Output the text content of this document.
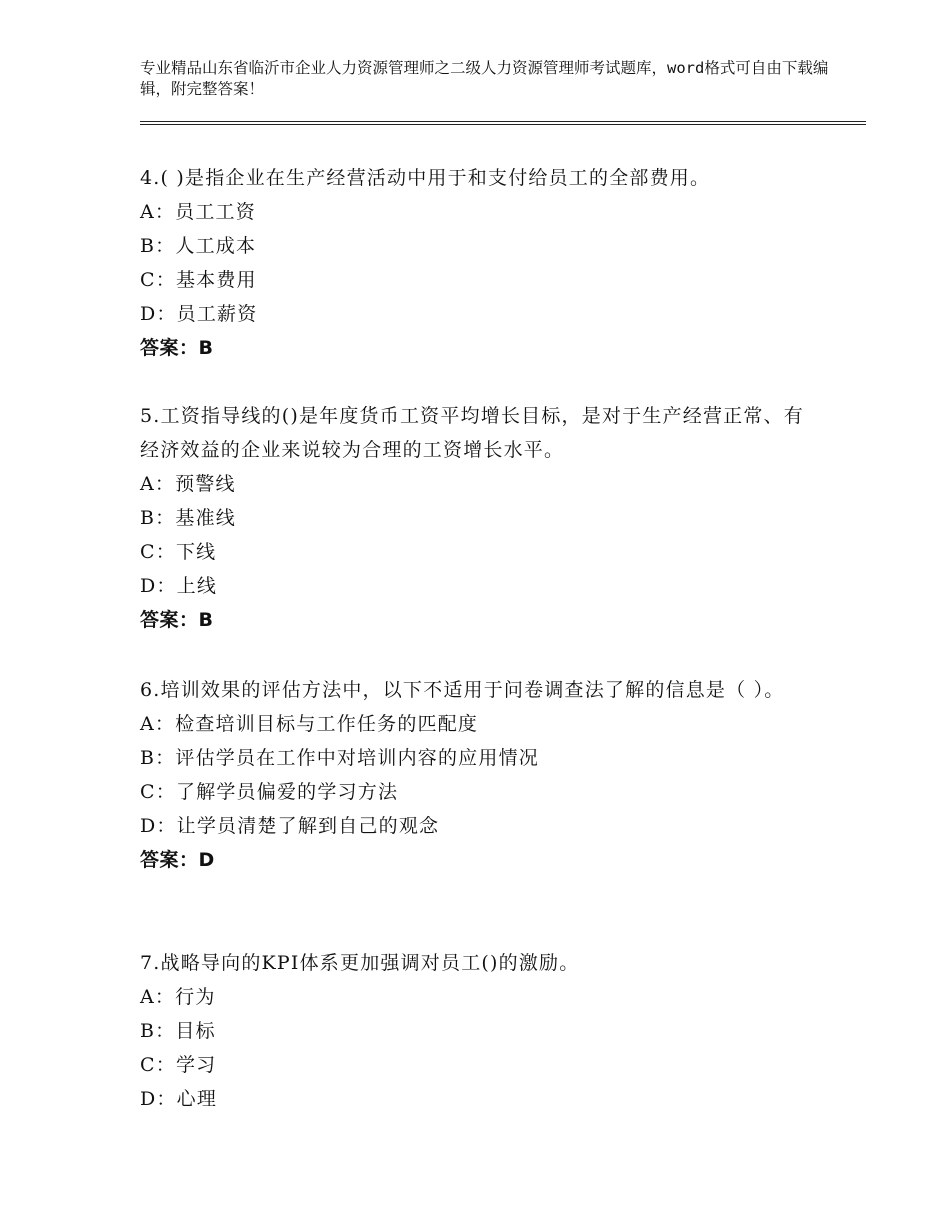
专业精品山东省临沂市企业人力资源管理师之二级人力资源管理师考试题库，word格式可自由下载编辑，附完整答案！

4.( )是指企业在生产经营活动中用于和支付给员工的全部费用。

A：员工工资

B：人工成本

C：基本费用

D：员工薪资

答案：B

5.工资指导线的()是年度货币工资平均增长目标，是对于生产经营正常、有经济效益的企业来说较为合理的工资增长水平。

A：预警线

B：基准线

C：下线

D：上线

答案：B

6.培训效果的评估方法中，以下不适用于问卷调查法了解的信息是（ ）。

A：检查培训目标与工作任务的匹配度

B：评估学员在工作中对培训内容的应用情况

C：了解学员偏爱的学习方法

D：让学员清楚了解到自己的观念

答案：D

7.战略导向的KPI体系更加强调对员工()的激励。

A：行为

B：目标

C：学习

D：心理
